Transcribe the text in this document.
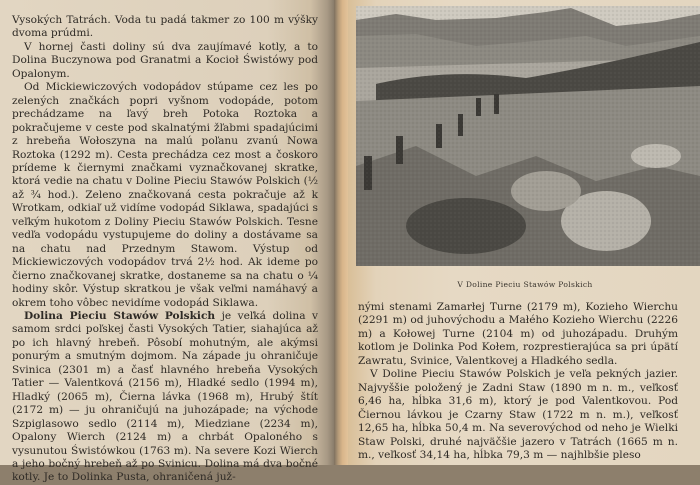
Vysokých Tatrách. Voda tu padá takmer zo 100 m výšky dvoma prúdmi.

V hornej časti doliny sú dva zaujímavé kotly, a to Dolina Buczynowa pod Granatmi a Kocioł Świstówy pod Opalonym.

Od Mickiewiczových vodopádov stúpame cez les po zelených značkách popri vyšnom vodopáde, potom prechádzame na ľavý breh Potoka Roztoka a pokračujeme v ceste pod skalnatými žľabmi spadajúcimi z hrebeňa Wołoszyna na malú poľanu zvanú Nowa Roztoka (1292 m). Cesta prechádza cez most a čoskoro prídeme k čiernymi značkami vyznačkovanej skratke, ktorá vedie na chatu v Doline Pieciu Stawów Polskich (½ až ¾ hod.). Zeleno značkovaná cesta pokračuje až k Wrotkam, odkiaľ už vidíme vodopád Siklawa, spadajúci s veľkým hukotom z Doliny Pieciu Stawów Polskich. Tesne vedľa vodopádu vystupujeme do doliny a dostávame sa na chatu nad Przednym Stawom. Výstup od Mickiewiczových vodopádov trvá 2½ hod. Ak ideme po čierno značkovanej skratke, dostaneme sa na chatu o ¼ hodiny skôr. Výstup skratkou je však veľmi namáhavý a okrem toho vôbec nevidíme vodopád Siklawa.

Dolina Pieciu Stawów Polskich je veľká dolina v samom srdci poľskej časti Vysokých Tatier, siahajúca až po ich hlavný hrebeň. Pôsobí mohutným, ale akýmsi ponurým a smutným dojmom. Na západe ju ohraničuje Svinica (2301 m) a časť hlavného hrebeňa Vysokých Tatier — Valentková (2156 m), Hladké sedlo (1994 m), Hladký (2065 m), Čierna lávka (1968 m), Hrubý štít (2172 m) — ju ohraničujú na juhozápade; na východe Szpiglasowo sedlo (2114 m), Miedziane (2234 m), Opalony Wierch (2124 m) a chrbát Opaloného s vysunutou Świstówkou (1763 m). Na severe Kozi Wierch a jeho bočný hrebeň až po Svinicu. Dolina má dva bočné kotly. Je to Dolinka Pusta, ohraničená juž-

V Doline Pieciu Stawów Polskich

nými stenami Zamarłej Turne (2179 m), Kozieho Wierchu (2291 m) od juhovýchodu a Małého Kozieho Wierchu (2226 m) a Kołowej Turne (2104 m) od juhozápadu. Druhým kotlom je Dolinka Pod Kołem, rozprestierajúca sa pri úpätí Zawratu, Svinice, Valentkovej a Hladkého sedla.

V Doline Pieciu Stawów Polskich je veľa pekných jazier. Najvyššie položený je Zadni Staw (1890 m n. m., veľkosť 6,46 ha, hĺbka 31,6 m), ktorý je pod Valentkovou. Pod Čiernou lávkou je Czarny Staw (1722 m n. m.), veľkosť 12,65 ha, hĺbka 50,4 m. Na severovýchod od neho je Wielki Staw Polski, druhé najväčšie jazero v Tatrách (1665 m n. m., veľkosť 34,14 ha, hĺbka 79,3 m — najhlbšie pleso
